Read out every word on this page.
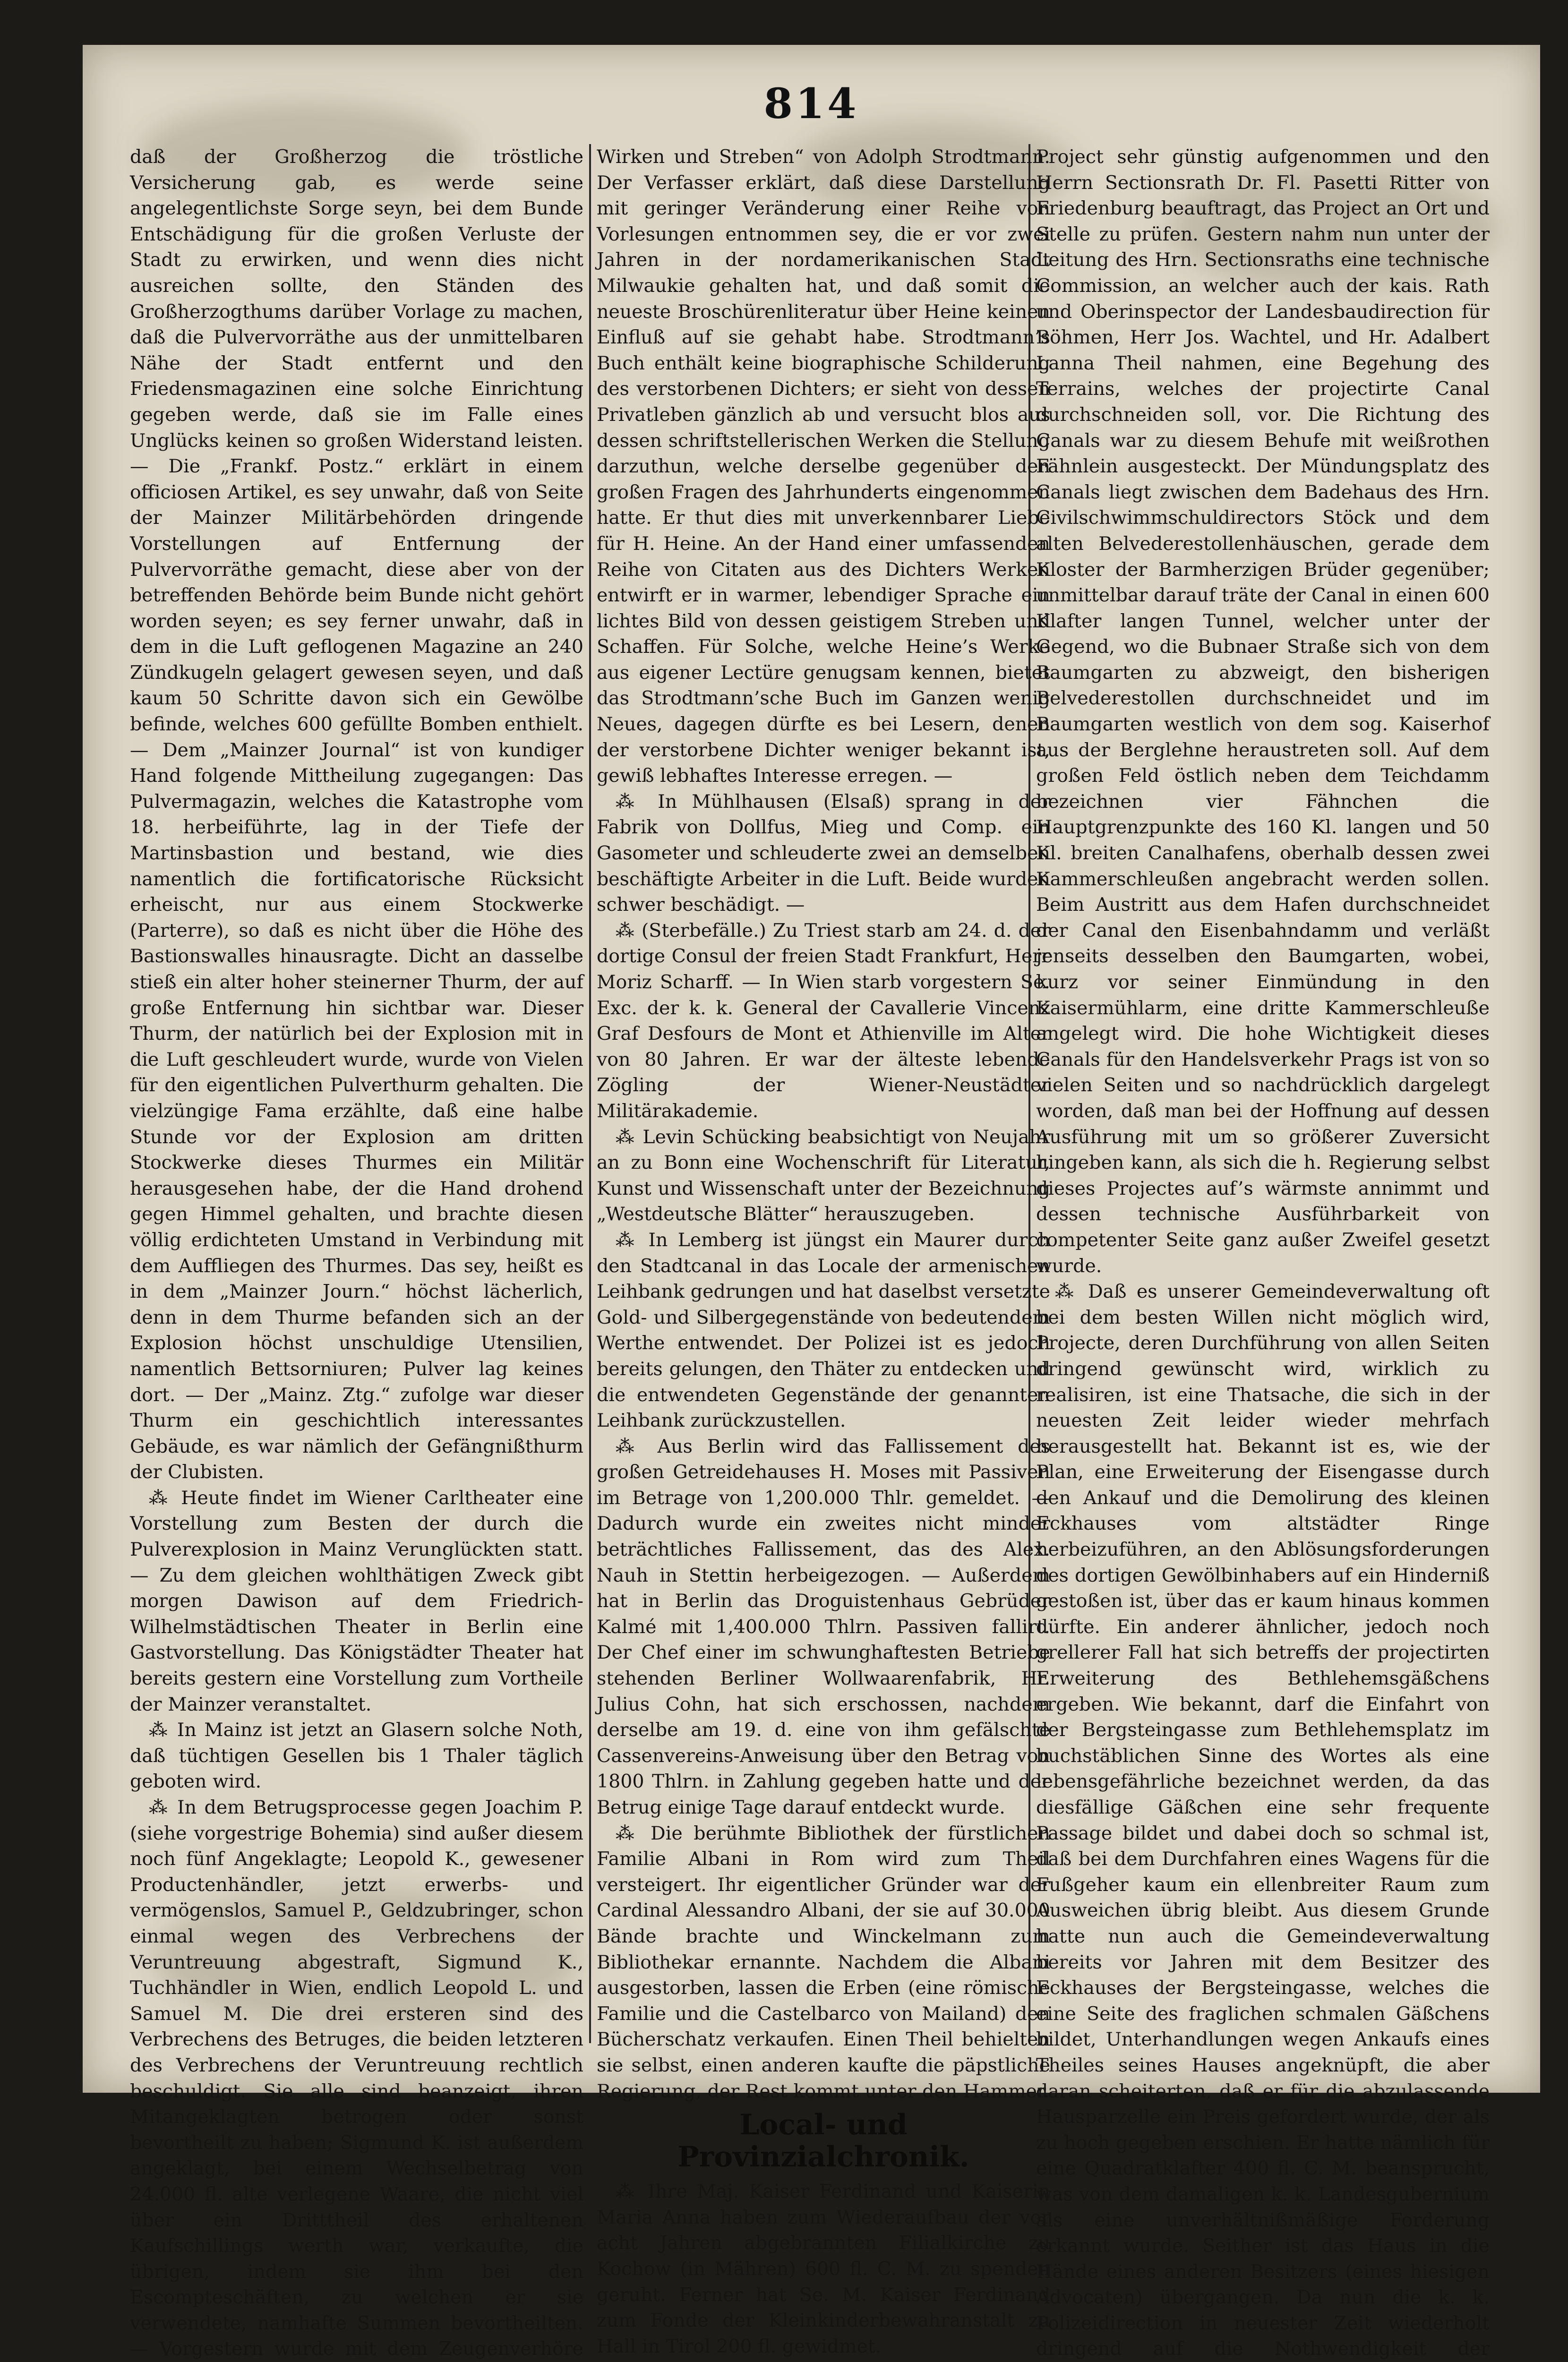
814

daß der Großherzog die tröstliche Versicherung gab, es werde seine angelegentlichste Sorge seyn, bei dem Bunde Entschädigung für die großen Verluste der Stadt zu erwirken, und wenn dies nicht ausreichen sollte, den Ständen des Großherzogthums darüber Vorlage zu machen, daß die Pulvervorräthe aus der unmittelbaren Nähe der Stadt entfernt und den Friedensmagazinen eine solche Einrichtung gegeben werde, daß sie im Falle eines Unglücks keinen so großen Widerstand leisten. — Die „Frankf. Postz.“ erklärt in einem officiosen Artikel, es sey unwahr, daß von Seite der Mainzer Militärbehörden dringende Vorstellungen auf Entfernung der Pulvervorräthe gemacht, diese aber von der betreffenden Behörde beim Bunde nicht gehört worden seyen; es sey ferner unwahr, daß in dem in die Luft geflogenen Magazine an 240 Zündkugeln gelagert gewesen seyen, und daß kaum 50 Schritte davon sich ein Gewölbe befinde, welches 600 gefüllte Bomben enthielt. — Dem „Mainzer Journal“ ist von kundiger Hand folgende Mittheilung zugegangen: Das Pulvermagazin, welches die Katastrophe vom 18. herbeiführte, lag in der Tiefe der Martinsbastion und bestand, wie dies namentlich die fortificatorische Rücksicht erheischt, nur aus einem Stockwerke (Parterre), so daß es nicht über die Höhe des Bastionswalles hinausragte. Dicht an dasselbe stieß ein alter hoher steinerner Thurm, der auf große Entfernung hin sichtbar war. Dieser Thurm, der natürlich bei der Explosion mit in die Luft geschleudert wurde, wurde von Vielen für den eigentlichen Pulverthurm gehalten. Die vielzüngige Fama erzählte, daß eine halbe Stunde vor der Explosion am dritten Stockwerke dieses Thurmes ein Militär herausgesehen habe, der die Hand drohend gegen Himmel gehalten, und brachte diesen völlig erdichteten Umstand in Verbindung mit dem Auffliegen des Thurmes. Das sey, heißt es in dem „Mainzer Journ.“ höchst lächerlich, denn in dem Thurme befanden sich an der Explosion höchst unschuldige Utensilien, namentlich Bettsorniuren; Pulver lag keines dort. — Der „Mainz. Ztg.“ zufolge war dieser Thurm ein geschichtlich interessantes Gebäude, es war nämlich der Gefängnißthurm der Clubisten.

⁂ Heute findet im Wiener Carltheater eine Vorstellung zum Besten der durch die Pulverexplosion in Mainz Verunglückten statt. — Zu dem gleichen wohlthätigen Zweck gibt morgen Dawison auf dem Friedrich-Wilhelmstädtischen Theater in Berlin eine Gastvorstellung. Das Königstädter Theater hat bereits gestern eine Vorstellung zum Vortheile der Mainzer veranstaltet.

⁂ In Mainz ist jetzt an Glasern solche Noth, daß tüchtigen Gesellen bis 1 Thaler täglich geboten wird.

⁂ In dem Betrugsprocesse gegen Joachim P. (siehe vorgestrige Bohemia) sind außer diesem noch fünf Angeklagte; Leopold K., gewesener Productenhändler, jetzt erwerbs- und vermögenslos, Samuel P., Geldzubringer, schon einmal wegen des Verbrechens der Veruntreuung abgestraft, Sigmund K., Tuchhändler in Wien, endlich Leopold L. und Samuel M. Die drei ersteren sind des Verbrechens des Betruges, die beiden letzteren des Verbrechens der Veruntreuung rechtlich beschuldigt. Sie alle sind beanzeigt, ihren Mitangeklagten betrogen oder sonst bevortheilt zu haben; Sigmund K. ist außerdem angeklagt, bei einem Wechselbetrag von 24.000 fl. alte verlegene Waare, die nicht viel über ein Dritttheil des erhaltenen Kaufschillings werth war, verkaufte, die übrigen, indem sie ihm bei den Escompteschäften, zu welchen er sie verwendete, namhafte Summen bevortheilten. — Vorgestern wurde mit dem Zeugenverhöre

Wirken und Streben“ von Adolph Strodtmann. Der Verfasser erklärt, daß diese Darstellung mit geringer Veränderung einer Reihe von Vorlesungen entnommen sey, die er vor zwei Jahren in der nordamerikanischen Stadt Milwaukie gehalten hat, und daß somit die neueste Broschürenliteratur über Heine keinen Einfluß auf sie gehabt habe. Strodtmann’s Buch enthält keine biographische Schilderung des verstorbenen Dichters; er sieht von dessen Privatleben gänzlich ab und versucht blos aus dessen schriftstellerischen Werken die Stellung darzuthun, welche derselbe gegenüber den großen Fragen des Jahrhunderts eingenommen hatte. Er thut dies mit unverkennbarer Liebe für H. Heine. An der Hand einer umfassenden Reihe von Citaten aus des Dichters Werken entwirft er in warmer, lebendiger Sprache ein lichtes Bild von dessen geistigem Streben und Schaffen. Für Solche, welche Heine’s Werke aus eigener Lectüre genugsam kennen, bietet das Strodtmann’sche Buch im Ganzen wenig Neues, dagegen dürfte es bei Lesern, denen der verstorbene Dichter weniger bekannt ist, gewiß lebhaftes Interesse erregen. —

⁂ In Mühlhausen (Elsaß) sprang in der Fabrik von Dollfus, Mieg und Comp. ein Gasometer und schleuderte zwei an demselben beschäftigte Arbeiter in die Luft. Beide wurden schwer beschädigt. —

⁂ (Sterbefälle.) Zu Triest starb am 24. d. der dortige Consul der freien Stadt Frankfurt, Herr Moriz Scharff. — In Wien starb vorgestern Se. Exc. der k. k. General der Cavallerie Vincenz Graf Desfours de Mont et Athienville im Alter von 80 Jahren. Er war der älteste lebende Zögling der Wiener-Neustädter Militärakademie.

⁂ Levin Schücking beabsichtigt von Neujahr an zu Bonn eine Wochenschrift für Literatur, Kunst und Wissenschaft unter der Bezeichnung „Westdeutsche Blätter“ herauszugeben.

⁂ In Lemberg ist jüngst ein Maurer durch den Stadtcanal in das Locale der armenischen Leihbank gedrungen und hat daselbst versetzte Gold- und Silbergegenstände von bedeutendem Werthe entwendet. Der Polizei ist es jedoch bereits gelungen, den Thäter zu entdecken und die entwendeten Gegenstände der genannten Leihbank zurückzustellen.

⁂ Aus Berlin wird das Fallissement des großen Getreidehauses H. Moses mit Passiven im Betrage von 1,200.000 Thlr. gemeldet. — Dadurch wurde ein zweites nicht minder beträchtliches Fallissement, das des Alex. Nauh in Stettin herbeigezogen. — Außerdem hat in Berlin das Droguistenhaus Gebrüder Kalmé mit 1,400.000 Thlrn. Passiven fallirt. Der Chef einer im schwunghaftesten Betriebe stehenden Berliner Wollwaarenfabrik, Hr. Julius Cohn, hat sich erschossen, nachdem derselbe am 19. d. eine von ihm gefälschte Cassenvereins-Anweisung über den Betrag von 1800 Thlrn. in Zahlung gegeben hatte und der Betrug einige Tage darauf entdeckt wurde.

⁂ Die berühmte Bibliothek der fürstlichen Familie Albani in Rom wird zum Theil versteigert. Ihr eigentlicher Gründer war der Cardinal Alessandro Albani, der sie auf 30.000 Bände brachte und Winckelmann zum Bibliothekar ernannte. Nachdem die Albani ausgestorben, lassen die Erben (eine römische Familie und die Castelbarco von Mailand) den Bücherschatz verkaufen. Einen Theil behielten sie selbst, einen anderen kaufte die päpstliche Regierung, der Rest kommt unter den Hammer.

Local- und Provinzialchronik.

⁂ Ihre Maj. Kaiser Ferdinand und Kaiserin Maria Anna haben zum Wiederaufbau der vor acht Jahren abgebrannten Filialkirche zu Kochow (in Mähren) 600 fl. C. M. zu spenden geruht. Ferner hat Se. M. Kaiser Ferdinand zum Fonde der Kleinkinderbewahranstalt zu Hall in Tirol 200 fl. gewidmet.

Project sehr günstig aufgenommen und den Herrn Sectionsrath Dr. Fl. Pasetti Ritter von Friedenburg beauftragt, das Project an Ort und Stelle zu prüfen. Gestern nahm nun unter der Leitung des Hrn. Sectionsraths eine technische Commission, an welcher auch der kais. Rath und Oberinspector der Landesbaudirection für Böhmen, Herr Jos. Wachtel, und Hr. Adalbert Lanna Theil nahmen, eine Begehung des Terrains, welches der projectirte Canal durchschneiden soll, vor. Die Richtung des Canals war zu diesem Behufe mit weißrothen Fähnlein ausgesteckt. Der Mündungsplatz des Canals liegt zwischen dem Badehaus des Hrn. Civilschwimmschuldirectors Stöck und dem alten Belvederestollenhäuschen, gerade dem Kloster der Barmherzigen Brüder gegenüber; unmittelbar darauf träte der Canal in einen 600 Klafter langen Tunnel, welcher unter der Gegend, wo die Bubnaer Straße sich von dem Baumgarten zu abzweigt, den bisherigen Belvederestollen durchschneidet und im Baumgarten westlich von dem sog. Kaiserhof aus der Berglehne heraustreten soll. Auf dem großen Feld östlich neben dem Teichdamm bezeichnen vier Fähnchen die Hauptgrenzpunkte des 160 Kl. langen und 50 Kl. breiten Canalhafens, oberhalb dessen zwei Kammerschleußen angebracht werden sollen. Beim Austritt aus dem Hafen durchschneidet der Canal den Eisenbahndamm und verläßt jenseits desselben den Baumgarten, wobei, kurz vor seiner Einmündung in den Kaisermühlarm, eine dritte Kammerschleuße angelegt wird. Die hohe Wichtigkeit dieses Canals für den Handelsverkehr Prags ist von so vielen Seiten und so nachdrücklich dargelegt worden, daß man bei der Hoffnung auf dessen Ausführung mit um so größerer Zuversicht hingeben kann, als sich die h. Regierung selbst dieses Projectes auf’s wärmste annimmt und dessen technische Ausführbarkeit von competenter Seite ganz außer Zweifel gesetzt wurde.

⁂ Daß es unserer Gemeindeverwaltung oft bei dem besten Willen nicht möglich wird, Projecte, deren Durchführung von allen Seiten dringend gewünscht wird, wirklich zu realisiren, ist eine Thatsache, die sich in der neuesten Zeit leider wieder mehrfach herausgestellt hat. Bekannt ist es, wie der Plan, eine Erweiterung der Eisengasse durch den Ankauf und die Demolirung des kleinen Eckhauses vom altstädter Ringe herbeizuführen, an den Ablösungsforderungen des dortigen Gewölbinhabers auf ein Hinderniß gestoßen ist, über das er kaum hinaus kommen dürfte. Ein anderer ähnlicher, jedoch noch grellerer Fall hat sich betreffs der projectirten Erweiterung des Bethlehemsgäßchens ergeben. Wie bekannt, darf die Einfahrt von der Bergsteingasse zum Bethlehemsplatz im buchstäblichen Sinne des Wortes als eine lebensgefährliche bezeichnet werden, da das diesfällige Gäßchen eine sehr frequente Passage bildet und dabei doch so schmal ist, daß bei dem Durchfahren eines Wagens für die Fußgeher kaum ein ellenbreiter Raum zum Ausweichen übrig bleibt. Aus diesem Grunde hatte nun auch die Gemeindeverwaltung bereits vor Jahren mit dem Besitzer des Eckhauses der Bergsteingasse, welches die eine Seite des fraglichen schmalen Gäßchens bildet, Unterhandlungen wegen Ankaufs eines Theiles seines Hauses angeknüpft, die aber daran scheiterten, daß er für die abzulassende Hausparzelle ein Preis gefordert wurde, der als zu hoch gegeben erschien. Er hatte nämlich für eine Quadratklafter 400 fl. C. M. beansprucht, was von dem damaligen k. k. Landesgubernium als eine unverhältnißmäßige Forderung erkannt wurde. Seither ist das Haus in die Hände eines anderen Besitzers (eines hiesigen Advocaten) übergangen. Da nun die k. k. Polizeidirection in neuester Zeit wiederholt dringend auf die Nothwendigkeit der
